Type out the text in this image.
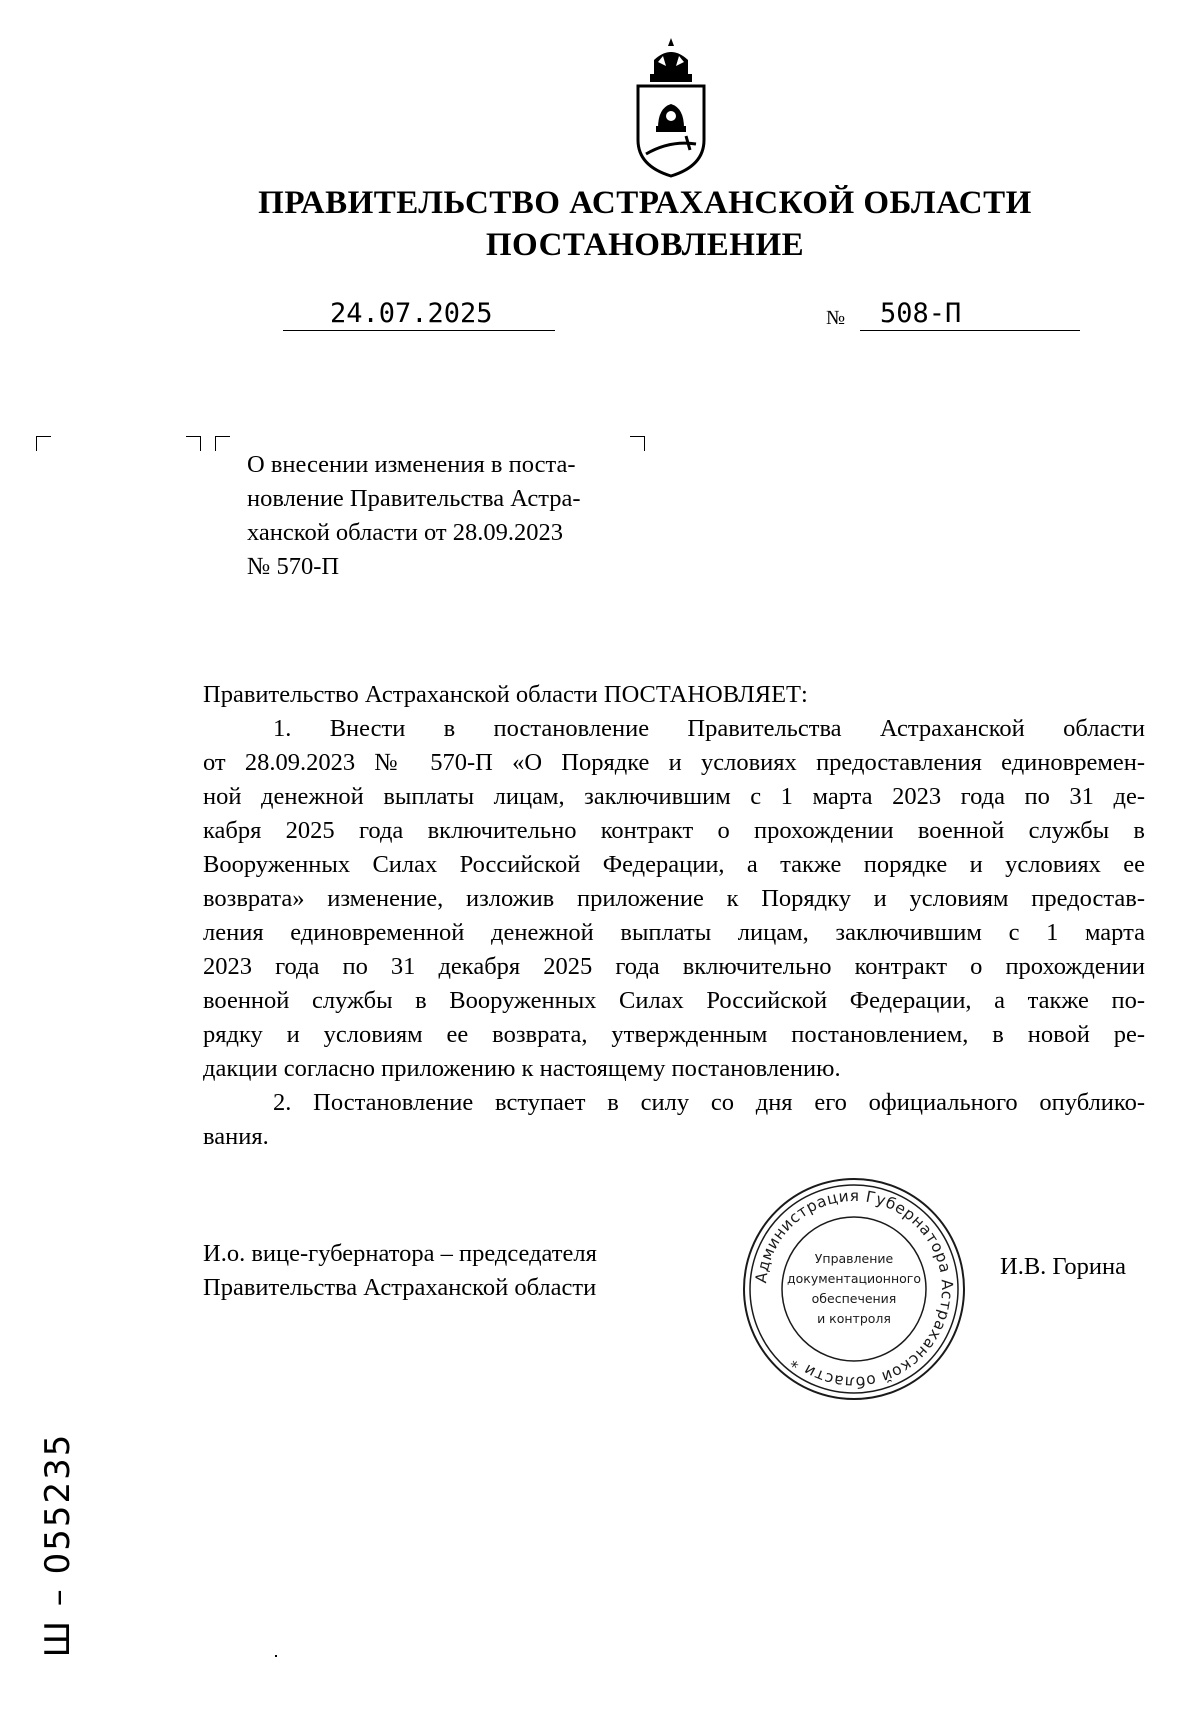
ПРАВИТЕЛЬСТВО АСТРАХАНСКОЙ ОБЛАСТИ
ПОСТАНОВЛЕНИЕ
24.07.2025	№ 508-П
О внесении изменения в поста-
новление Правительства Астра-
ханской области от 28.09.2023
№ 570-П
Правительство Астраханской области ПОСТАНОВЛЯЕТ:
1. Внести в постановление Правительства Астраханской области
от 28.09.2023 № 570-П «О Порядке и условиях предоставления единовремен-
ной денежной выплаты лицам, заключившим с 1 марта 2023 года по 31 де-
кабря 2025 года включительно контракт о прохождении военной службы в
Вооруженных Силах Российской Федерации, а также порядке и условиях ее
возврата» изменение, изложив приложение к Порядку и условиям предостав-
ления единовременной денежной выплаты лицам, заключившим с 1 марта
2023 года по 31 декабря 2025 года включительно контракт о прохождении
военной службы в Вооруженных Силах Российской Федерации, а также по-
рядку и условиям ее возврата, утвержденным постановлением, в новой ре-
дакции согласно приложению к настоящему постановлению.
2. Постановление вступает в силу со дня его официального опублико-
вания.
И.о. вице-губернатора – председателя
Правительства Астраханской области
И.В. Горина
Администрация Губернатора Астраханской области *
Управление
документационного
обеспечения
и контроля
Ш – 055235
